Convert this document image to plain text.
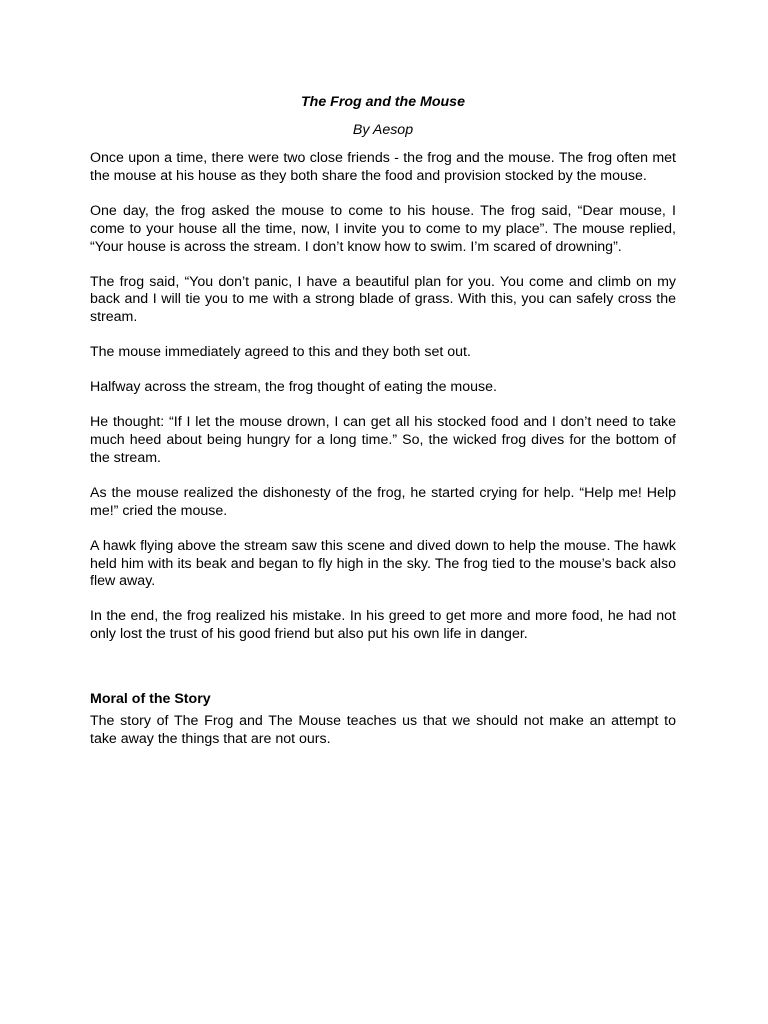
The Frog and the Mouse

By Aesop

Once upon a time, there were two close friends - the frog and the mouse. The frog often met the mouse at his house as they both share the food and provision stocked by the mouse.

One day, the frog asked the mouse to come to his house. The frog said, “Dear mouse, I come to your house all the time, now, I invite you to come to my place”. The mouse replied, “Your house is across the stream. I don’t know how to swim. I’m scared of drowning”.

The frog said, “You don’t panic, I have a beautiful plan for you. You come and climb on my back and I will tie you to me with a strong blade of grass. With this, you can safely cross the stream.

The mouse immediately agreed to this and they both set out.

Halfway across the stream, the frog thought of eating the mouse.

He thought: “If I let the mouse drown, I can get all his stocked food and I don’t need to take much heed about being hungry for a long time.” So, the wicked frog dives for the bottom of the stream.

As the mouse realized the dishonesty of the frog, he started crying for help. “Help me! Help me!” cried the mouse.

A hawk flying above the stream saw this scene and dived down to help the mouse. The hawk held him with its beak and began to fly high in the sky. The frog tied to the mouse’s back also flew away.

In the end, the frog realized his mistake. In his greed to get more and more food, he had not only lost the trust of his good friend but also put his own life in danger.

Moral of the Story

The story of The Frog and The Mouse teaches us that we should not make an attempt to take away the things that are not ours.
